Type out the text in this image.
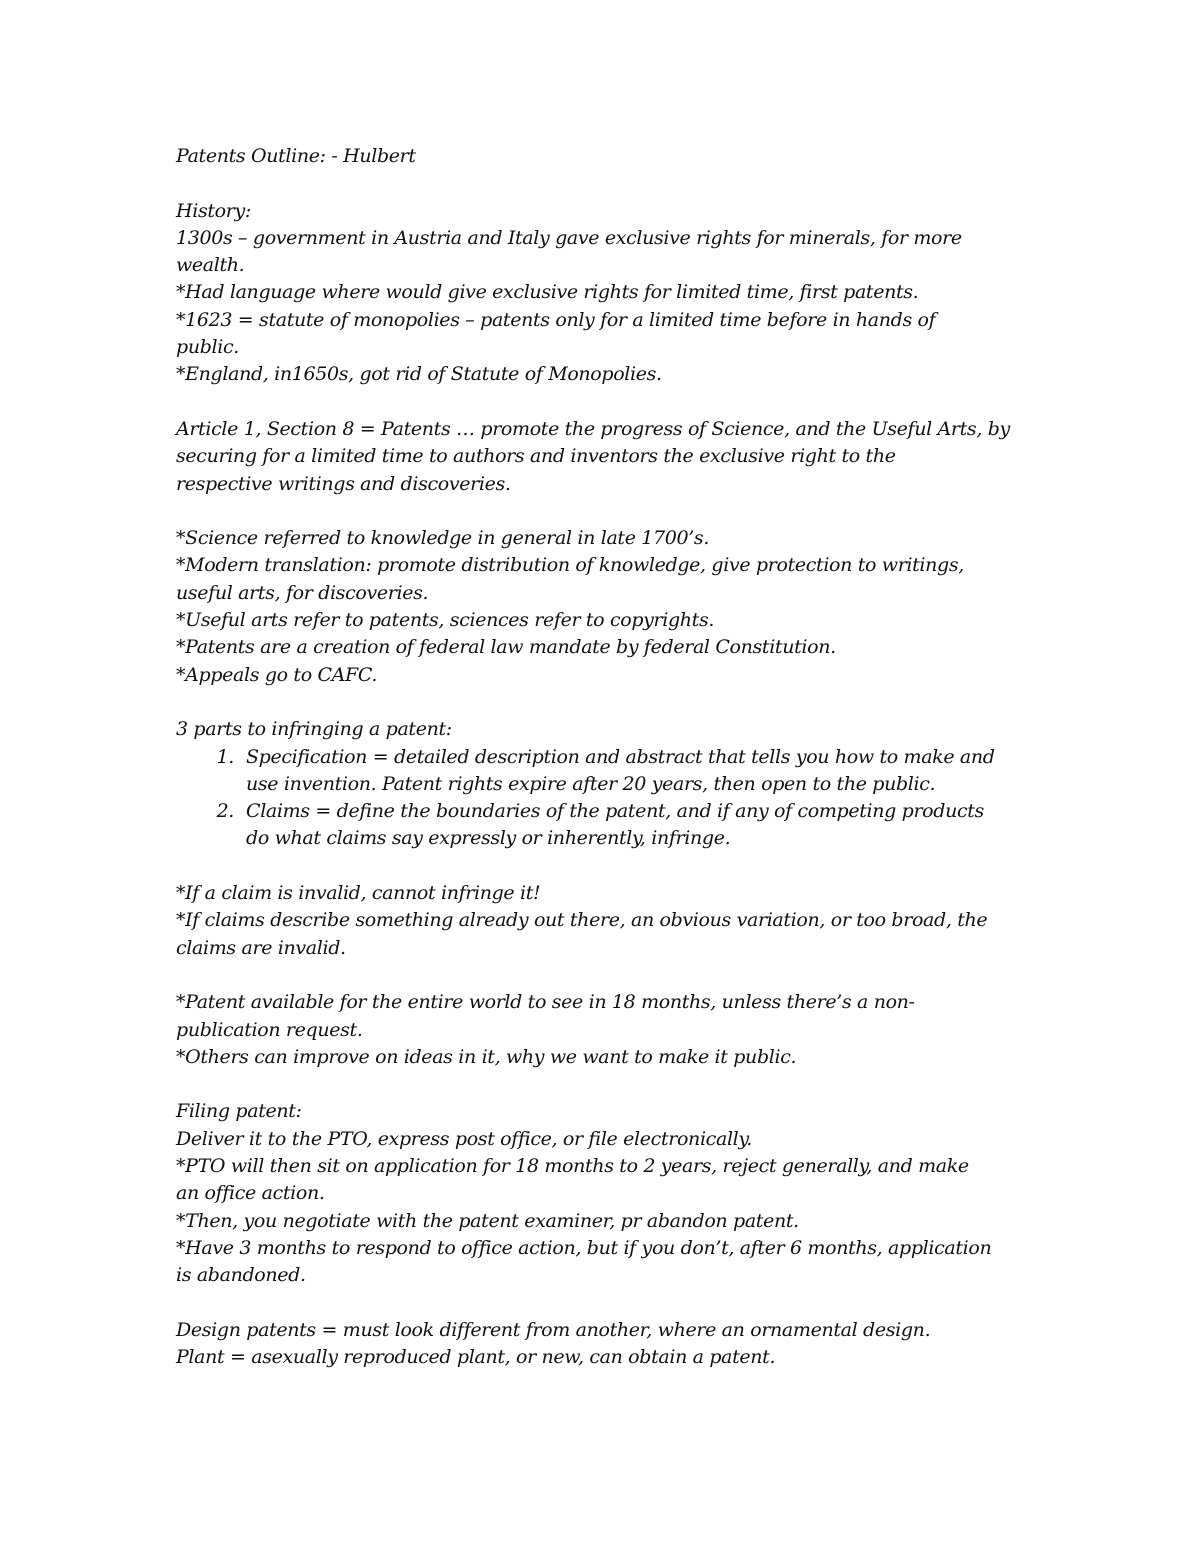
Patents Outline: - Hulbert
History:
1300s – government in Austria and Italy gave exclusive rights for minerals, for more
wealth.
*Had language where would give exclusive rights for limited time, first patents.
*1623 = statute of monopolies – patents only for a limited time before in hands of
public.
*England, in1650s, got rid of Statute of Monopolies.
Article 1, Section 8 = Patents … promote the progress of Science, and the Useful Arts, by
securing for a limited time to authors and inventors the exclusive right to the
respective writings and discoveries.
*Science referred to knowledge in general in late 1700’s.
*Modern translation: promote distribution of knowledge, give protection to writings,
useful arts, for discoveries.
*Useful arts refer to patents, sciences refer to copyrights.
*Patents are a creation of federal law mandate by federal Constitution.
*Appeals go to CAFC.
3 parts to infringing a patent:
1. Specification = detailed description and abstract that tells you how to make and
use invention. Patent rights expire after 20 years, then open to the public.
2. Claims = define the boundaries of the patent, and if any of competing products
do what claims say expressly or inherently, infringe.
*If a claim is invalid, cannot infringe it!
*If claims describe something already out there, an obvious variation, or too broad, the
claims are invalid.
*Patent available for the entire world to see in 18 months, unless there’s a non-
publication request.
*Others can improve on ideas in it, why we want to make it public.
Filing patent:
Deliver it to the PTO, express post office, or file electronically.
*PTO will then sit on application for 18 months to 2 years, reject generally, and make
an office action.
*Then, you negotiate with the patent examiner, pr abandon patent.
*Have 3 months to respond to office action, but if you don’t, after 6 months, application
is abandoned.
Design patents = must look different from another, where an ornamental design.
Plant = asexually reproduced plant, or new, can obtain a patent.
